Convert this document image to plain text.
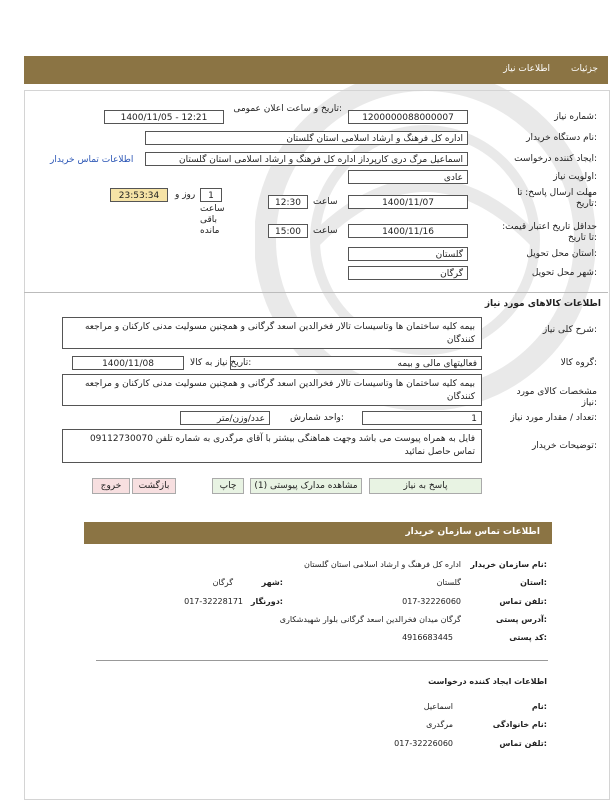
جزئیات
اطلاعات نیاز
شماره نیاز:
1200000088000007
تاریخ و ساعت اعلان عمومی:
1400/11/05 - 12:21
نام دستگاه خریدار:
اداره كل فرهنگ و ارشاد اسلامی استان گلستان
ایجاد کننده درخواست:
اسماعیل مرگ دری کارپرداز اداره کل فرهنگ و ارشاد اسلامی استان گلستان
اطلاعات تماس خریدار
اولویت نیاز:
عادی
مهلت ارسال پاسخ: تا تاریخ:
1400/11/07
ساعت
12:30
1
روز و
23:53:34
ساعت باقی مانده	حداقل تاریخ اعتبار قیمت: تا تاریخ:
1400/11/16
ساعت
15:00
استان محل تحویل:
گلستان
شهر محل تحویل:
گرگان
اطلاعات کالاهای مورد نیاز
شرح کلی نیاز:
بیمه کلیه ساختمان ها وتاسیسات تالار فخرالدین اسعد گرگانی و همچنین مسولیت مدنی کارکنان و مراجعه کنندگان
گروه کالا:
فعالیتهای مالی و بیمه
تاریخ نیاز به کالا:
1400/11/08
مشخصات کالای مورد نیاز:
بیمه کلیه ساختمان ها وتاسیسات تالار فخرالدین اسعد گرگانی و همچنین مسولیت مدنی کارکنان و مراجعه کنندگان
تعداد / مقدار مورد نیاز:
1
واحد شمارش:
عدد/وزن/متر
توضیحات خریدار:
فایل به همراه پیوست می باشد وجهت هماهنگی بیشتر با آقای مرگدری به شماره تلفن 09112730070 تماس حاصل نمائید
پاسخ به نیاز
مشاهده مدارک پیوستی (1)
چاپ
بازگشت
خروج
اطلاعات تماس سازمان خریدار
نام سازمان خریدار:
اداره کل فرهنگ و ارشاد اسلامی استان گلستان
استان:
گلستان
شهر:
گرگان
تلفن تماس:
017-32226060
دورنگار:
017-32228171
آدرس پستی:
گرگان میدان فخرالدین اسعد گرگانی بلوار شهیدشکاری
کد پستی:
4916683445
اطلاعات ایجاد کننده درخواست
نام:
اسماعیل
نام خانوادگی:
مرگدری
تلفن تماس:
017-32226060
